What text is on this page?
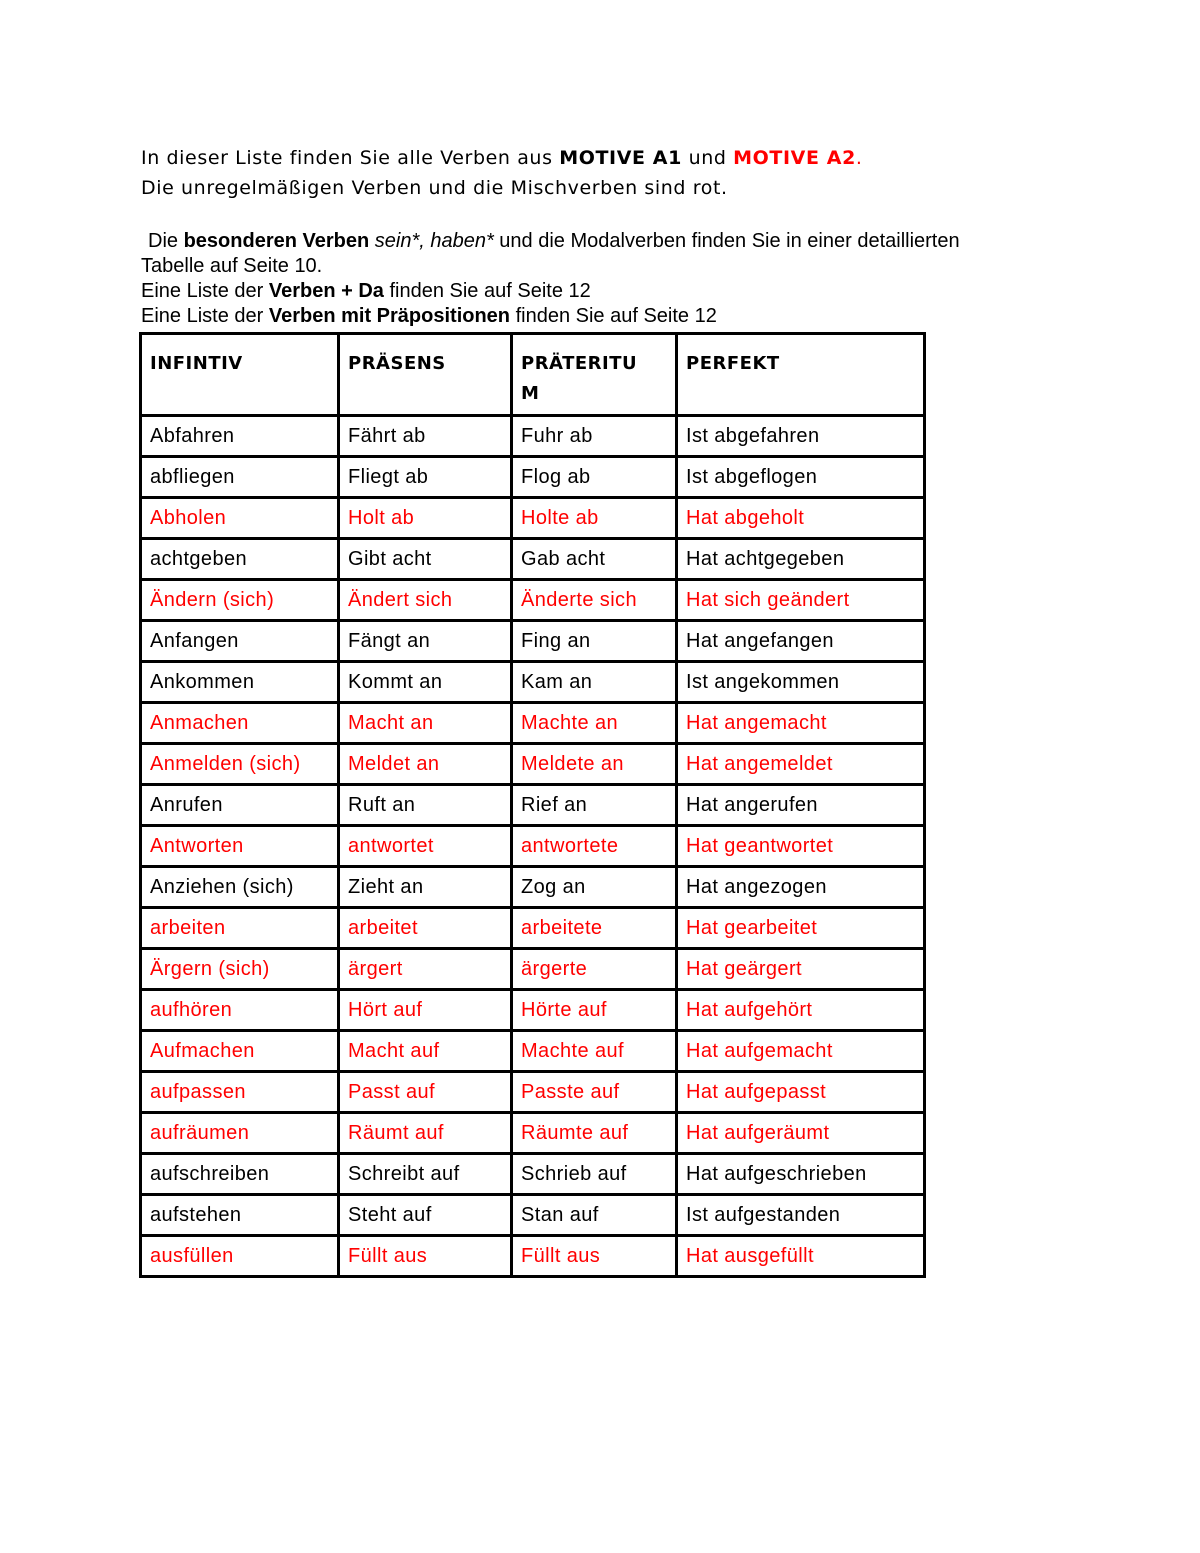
In dieser Liste finden Sie alle Verben aus MOTIVE A1 und MOTIVE A2.
Die unregelmäßigen Verben und die Mischverben sind rot.
Die besonderen Verben sein*, haben* und die Modalverben finden Sie in einer detaillierten
Tabelle auf Seite 10.
Eine Liste der Verben + Da finden Sie auf Seite 12
Eine Liste der Verben mit Präpositionen finden Sie auf Seite 12
INFINTIV	PRÄSENS	PRÄTERITU M	PERFEKT
Abfahren	Fährt ab	Fuhr ab	Ist abgefahren
abfliegen	Fliegt ab	Flog ab	Ist abgeflogen
Abholen	Holt ab	Holte ab	Hat abgeholt
achtgeben	Gibt acht	Gab acht	Hat achtgegeben
Ändern (sich)	Ändert sich	Änderte sich	Hat sich geändert
Anfangen	Fängt an	Fing an	Hat angefangen
Ankommen	Kommt an	Kam an	Ist angekommen
Anmachen	Macht an	Machte an	Hat angemacht
Anmelden (sich)	Meldet an	Meldete an	Hat angemeldet
Anrufen	Ruft an	Rief an	Hat angerufen
Antworten	antwortet	antwortete	Hat geantwortet
Anziehen (sich)	Zieht an	Zog an	Hat angezogen
arbeiten	arbeitet	arbeitete	Hat gearbeitet
Ärgern (sich)	ärgert	ärgerte	Hat geärgert
aufhören	Hört auf	Hörte auf	Hat aufgehört
Aufmachen	Macht auf	Machte auf	Hat aufgemacht
aufpassen	Passt auf	Passte auf	Hat aufgepasst
aufräumen	Räumt auf	Räumte auf	Hat aufgeräumt
aufschreiben	Schreibt auf	Schrieb auf	Hat aufgeschrieben
aufstehen	Steht auf	Stan auf	Ist aufgestanden
ausfüllen	Füllt aus	Füllt aus	Hat ausgefüllt
